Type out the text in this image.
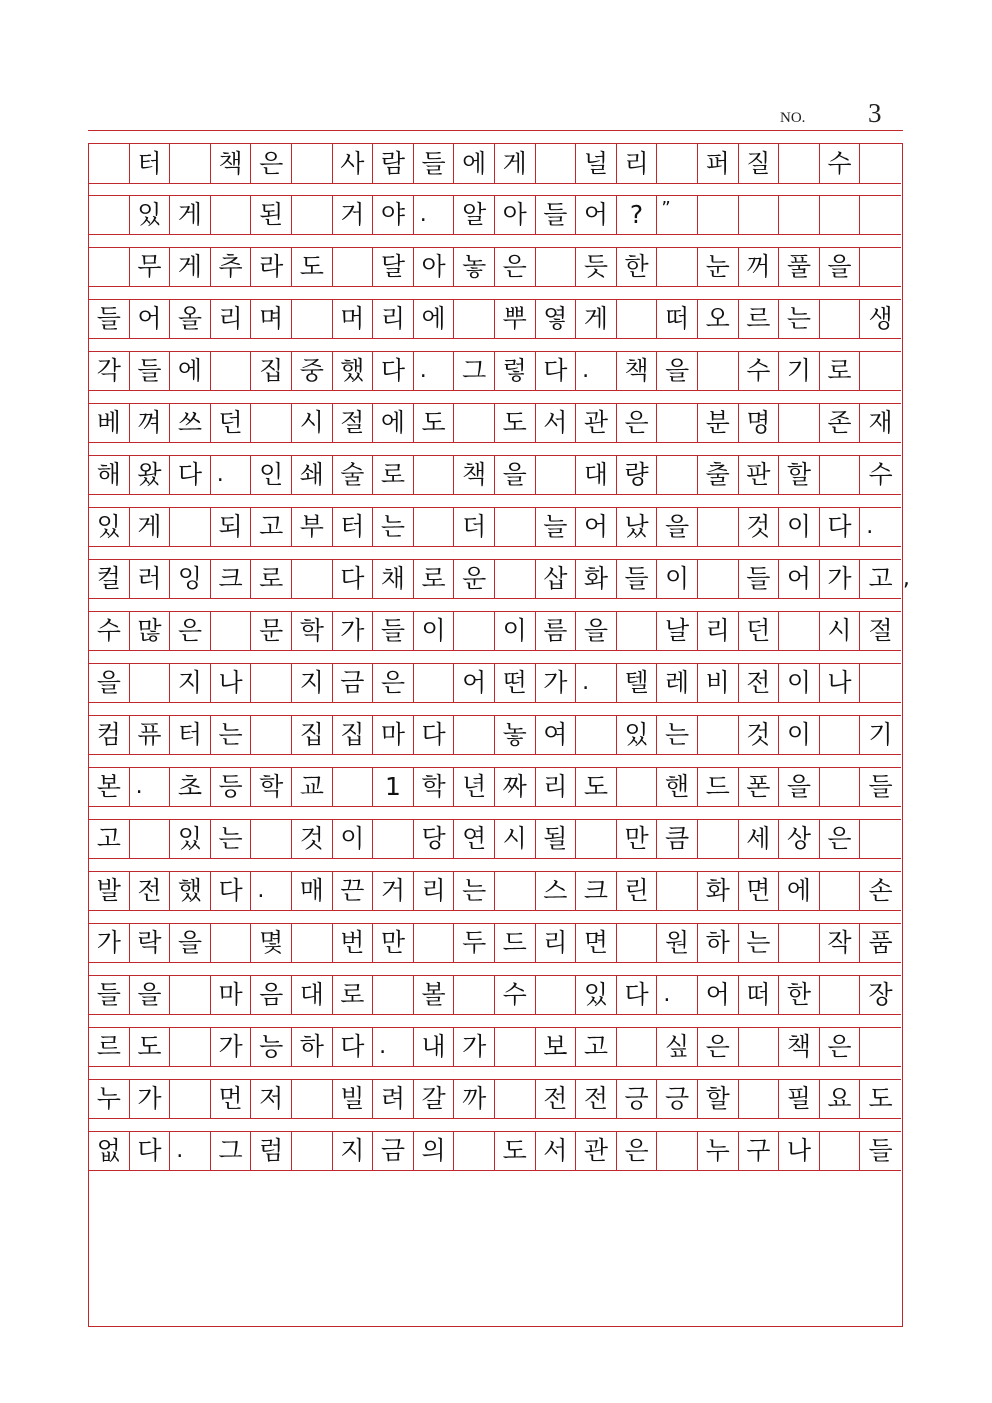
NO. 3
터	책 은	사 람 들 에 게	널 리	퍼 질	수
있 게	된	거 야 .	알 아 들 어 ?	”
무 게 추 라 도	달 아 놓 은	듯 한	눈 꺼 풀 을
들 어 올 리 며	머 리 에	뿌 옇 게	떠 오 르 는	생
각 들 에	집 중 했 다 .	그 렇 다 .	책 을	수 기 로
베 껴 쓰 던	시 절 에 도	도 서 관 은	분 명	존 재
해 왔 다 .	인 쇄 술 로	책 을	대 량	출 판 할	수
있 게	되 고 부 터 는	더	늘 어 났 을	것 이 다 .
컬 러 잉 크 로	다 채 로 운	삽 화 들 이	들 어 가 고 ,
수 많 은	문 학 가 들 이	이 름 을	날 리 던	시 절
을	지 나	지 금 은	어 떤 가 .	텔 레 비 전 이 나
컴 퓨 터 는	집 집 마 다	놓 여	있 는	것 이	기
본 .	초 등 학 교	1 학 년 짜 리 도	핸 드 폰 을	들
고	있 는	것 이	당 연 시 될	만 큼	세 상 은
발 전 했 다 .	매 끈 거 리 는	스 크 린	화 면 에	손
가 락 을	몇	번 만	두 드 리 면	원 하 는	작 품
들 을	마 음 대 로	볼	수	있 다 .	어 떠 한	장
르 도	가 능 하 다 .	내 가	보 고	싶 은	책 은
누 가	먼 저	빌 려 갈 까	전 전 긍 긍 할	필 요 도
없 다 .	그 럼	지 금 의	도 서 관 은	누 구 나	들
